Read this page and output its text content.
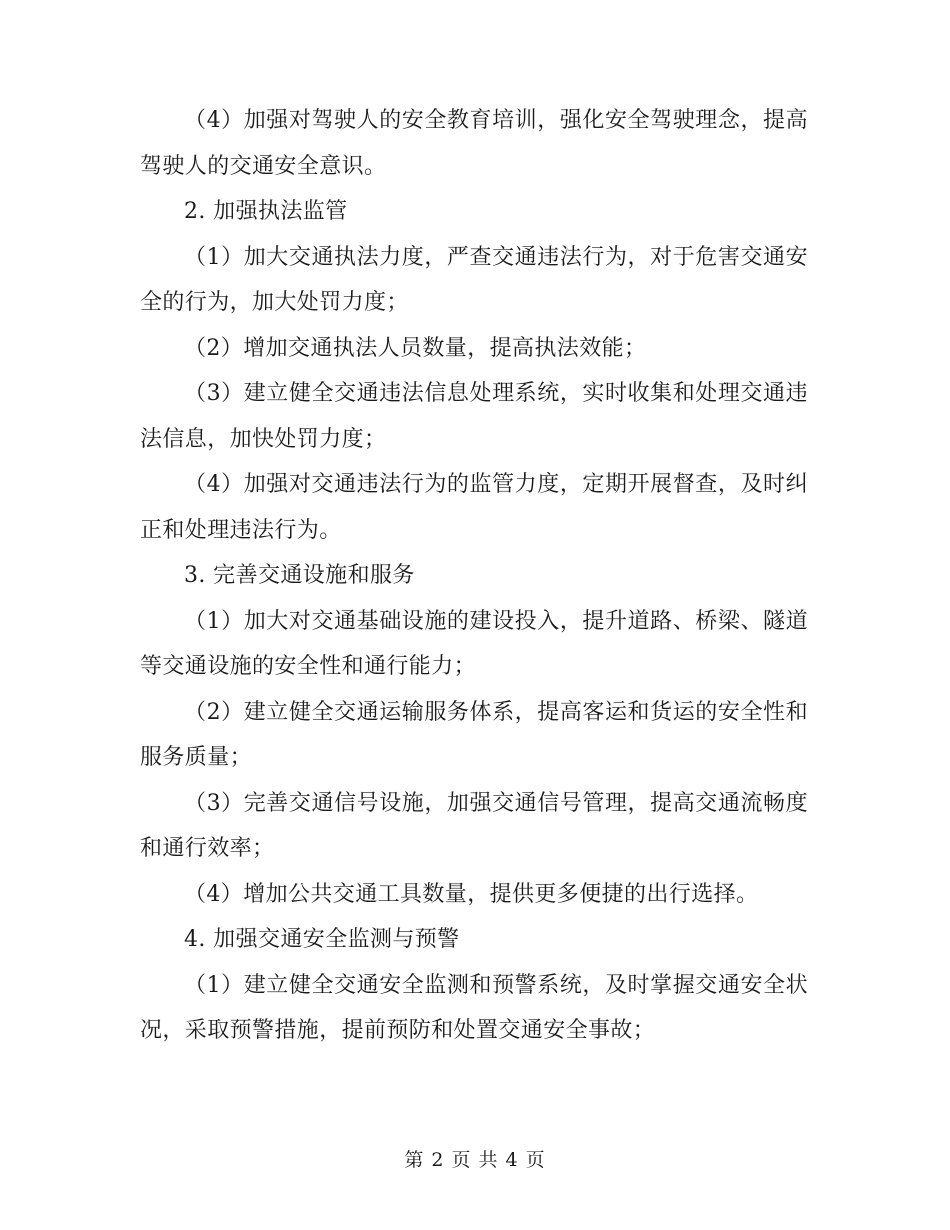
（4）加强对驾驶人的安全教育培训，强化安全驾驶理念，提高驾驶人的交通安全意识。

2. 加强执法监管

（1）加大交通执法力度，严查交通违法行为，对于危害交通安全的行为，加大处罚力度；

（2）增加交通执法人员数量，提高执法效能；

（3）建立健全交通违法信息处理系统，实时收集和处理交通违法信息，加快处罚力度；

（4）加强对交通违法行为的监管力度，定期开展督查，及时纠正和处理违法行为。

3. 完善交通设施和服务

（1）加大对交通基础设施的建设投入，提升道路、桥梁、隧道等交通设施的安全性和通行能力；

（2）建立健全交通运输服务体系，提高客运和货运的安全性和服务质量；

（3）完善交通信号设施，加强交通信号管理，提高交通流畅度和通行效率；

（4）增加公共交通工具数量，提供更多便捷的出行选择。

4. 加强交通安全监测与预警

（1）建立健全交通安全监测和预警系统，及时掌握交通安全状况，采取预警措施，提前预防和处置交通安全事故；

第 2 页 共 4 页
